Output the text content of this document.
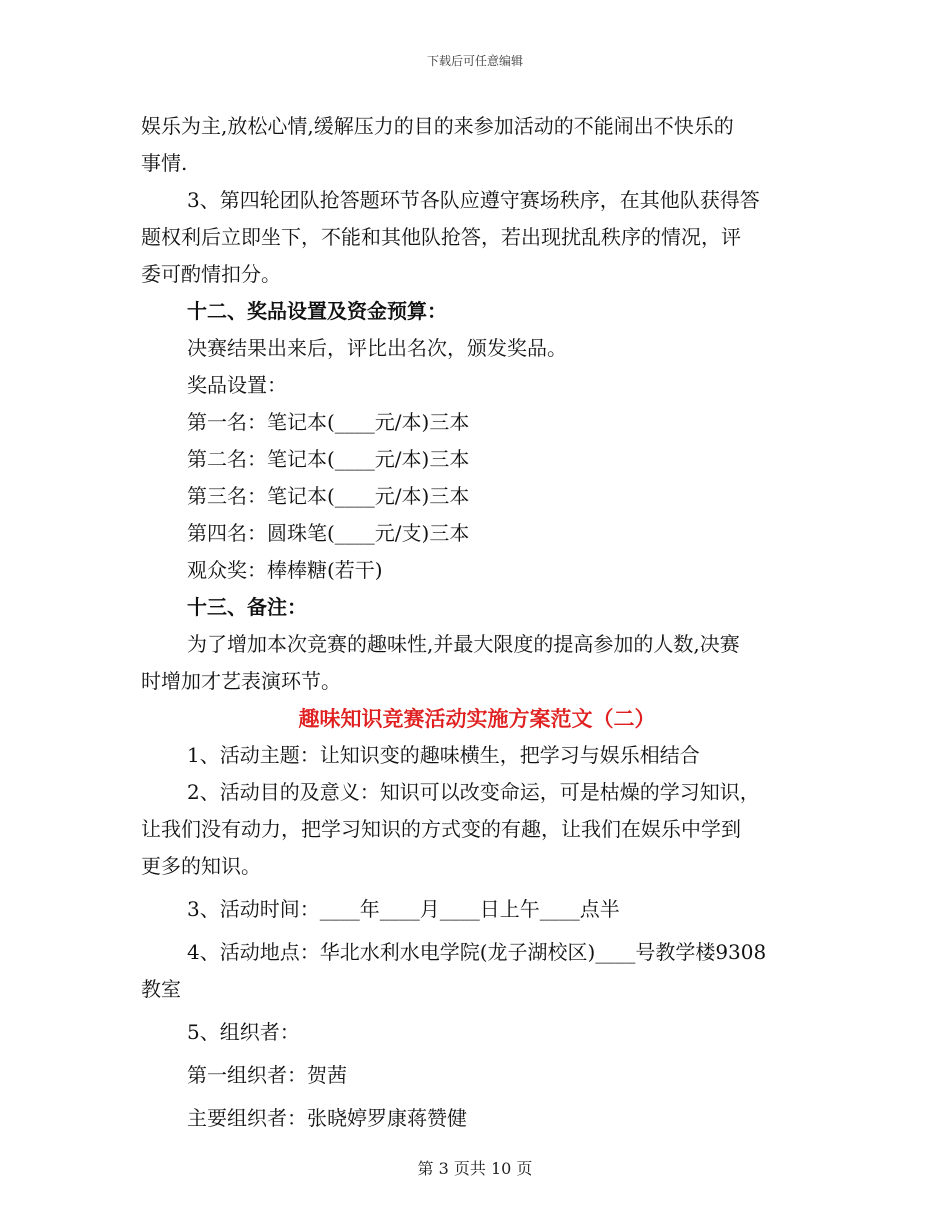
下载后可任意编辑
娱乐为主,放松心情,缓解压力的目的来参加活动的不能闹出不快乐的
事情.
3、第四轮团队抢答题环节各队应遵守赛场秩序，在其他队获得答
题权利后立即坐下，不能和其他队抢答，若出现扰乱秩序的情况，评
委可酌情扣分。
十二、奖品设置及资金预算：
决赛结果出来后，评比出名次，颁发奖品。
奖品设置：
第一名：笔记本(____元/本)三本
第二名：笔记本(____元/本)三本
第三名：笔记本(____元/本)三本
第四名：圆珠笔(____元/支)三本
观众奖：棒棒糖(若干)
十三、备注：
为了增加本次竞赛的趣味性,并最大限度的提高参加的人数,决赛
时增加才艺表演环节。
趣味知识竞赛活动实施方案范文（二）
1、活动主题：让知识变的趣味横生，把学习与娱乐相结合
2、活动目的及意义：知识可以改变命运，可是枯燥的学习知识，
让我们没有动力，把学习知识的方式变的有趣，让我们在娱乐中学到
更多的知识。
3、活动时间：____年____月____日上午____点半
4、活动地点：华北水利水电学院(龙子湖校区)____号教学楼9308
教室
5、组织者：
第一组织者：贺茜
主要组织者：张晓婷罗康蒋赞健
第 3 页共 10 页
